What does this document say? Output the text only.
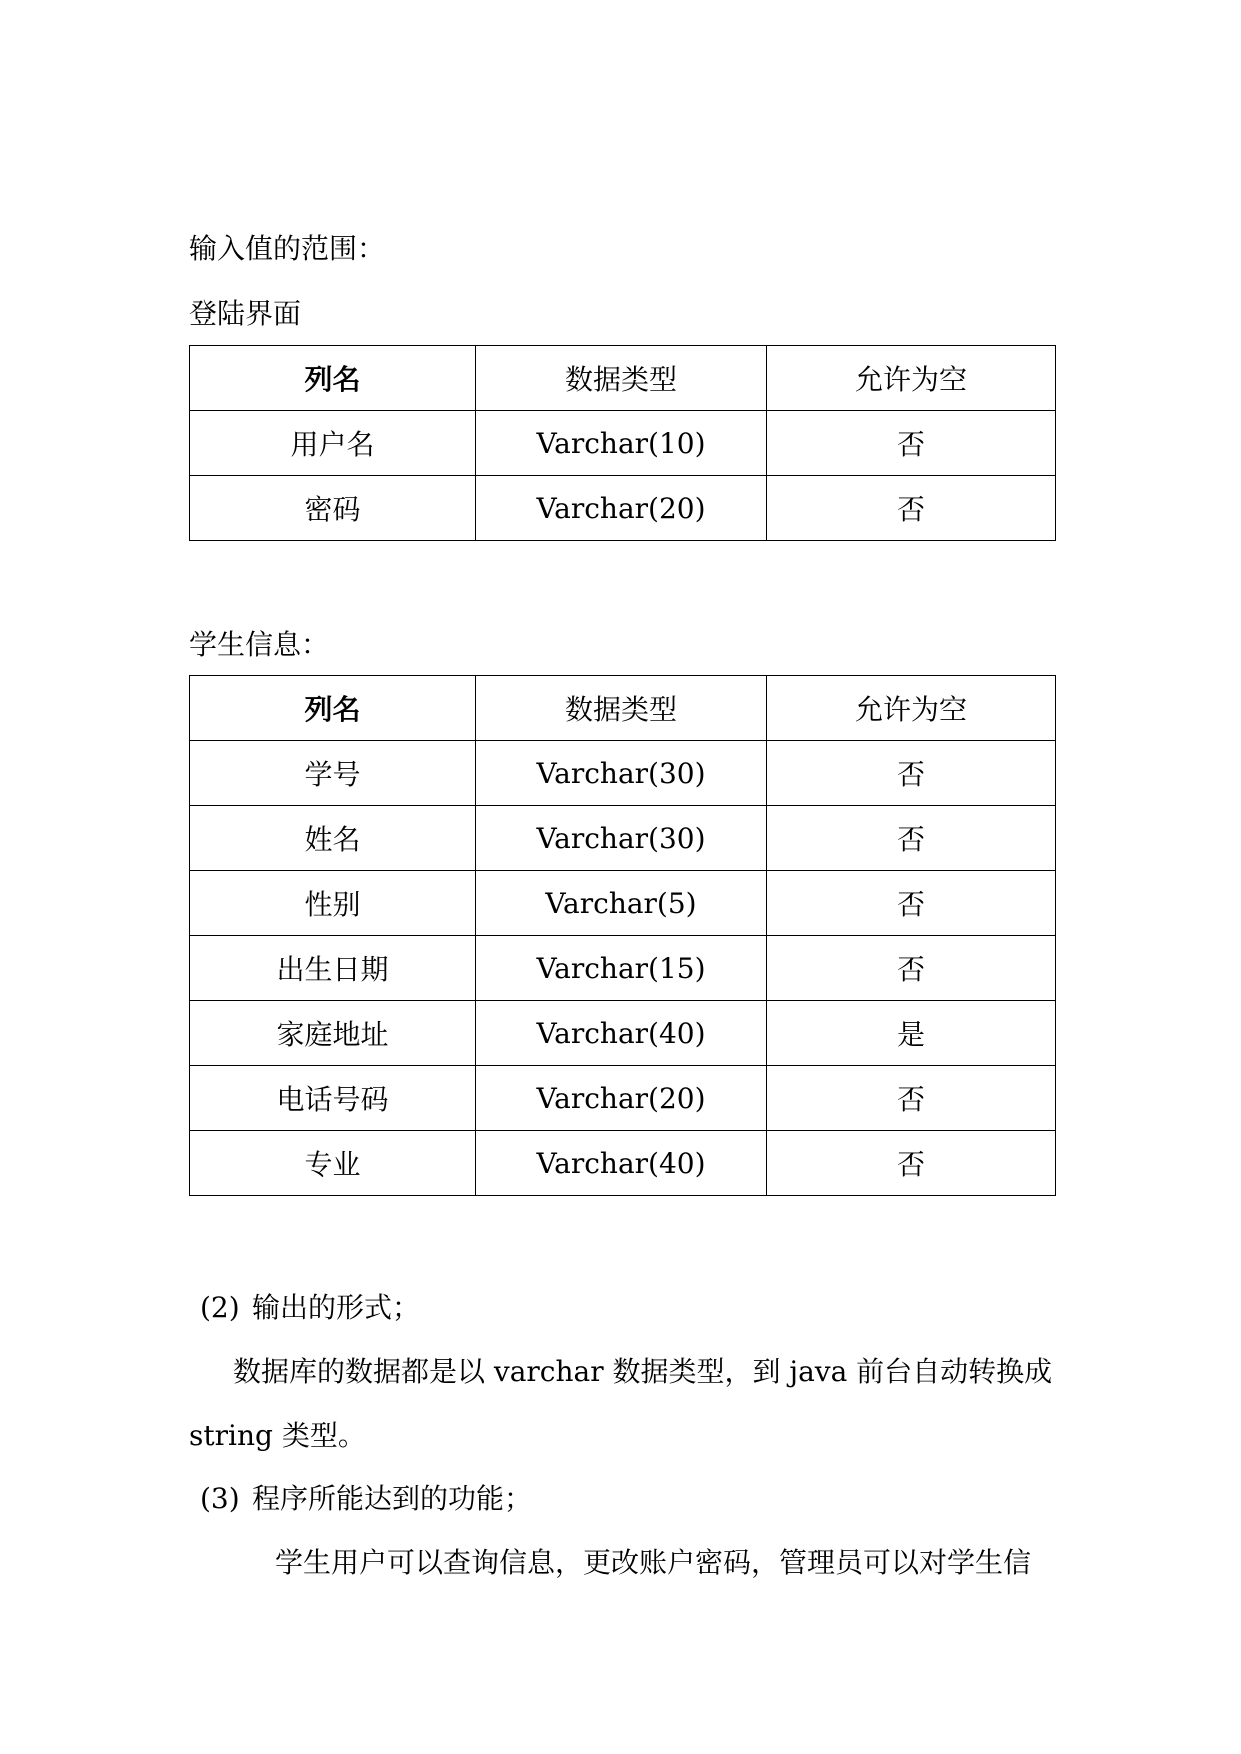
输入值的范围：
登陆界面
列名	数据类型	允许为空
用户名	Varchar(10)	否
密码	Varchar(20)	否
学生信息：
列名	数据类型	允许为空
学号	Varchar(30)	否
姓名	Varchar(30)	否
性别	Varchar(5)	否
出生日期	Varchar(15)	否
家庭地址	Varchar(40)	是
电话号码	Varchar(20)	否
专业	Varchar(40)	否
(2) 输出的形式；
数据库的数据都是以 varchar 数据类型，到 java 前台自动转换成
string 类型。
(3) 程序所能达到的功能；
学生用户可以查询信息，更改账户密码，管理员可以对学生信
